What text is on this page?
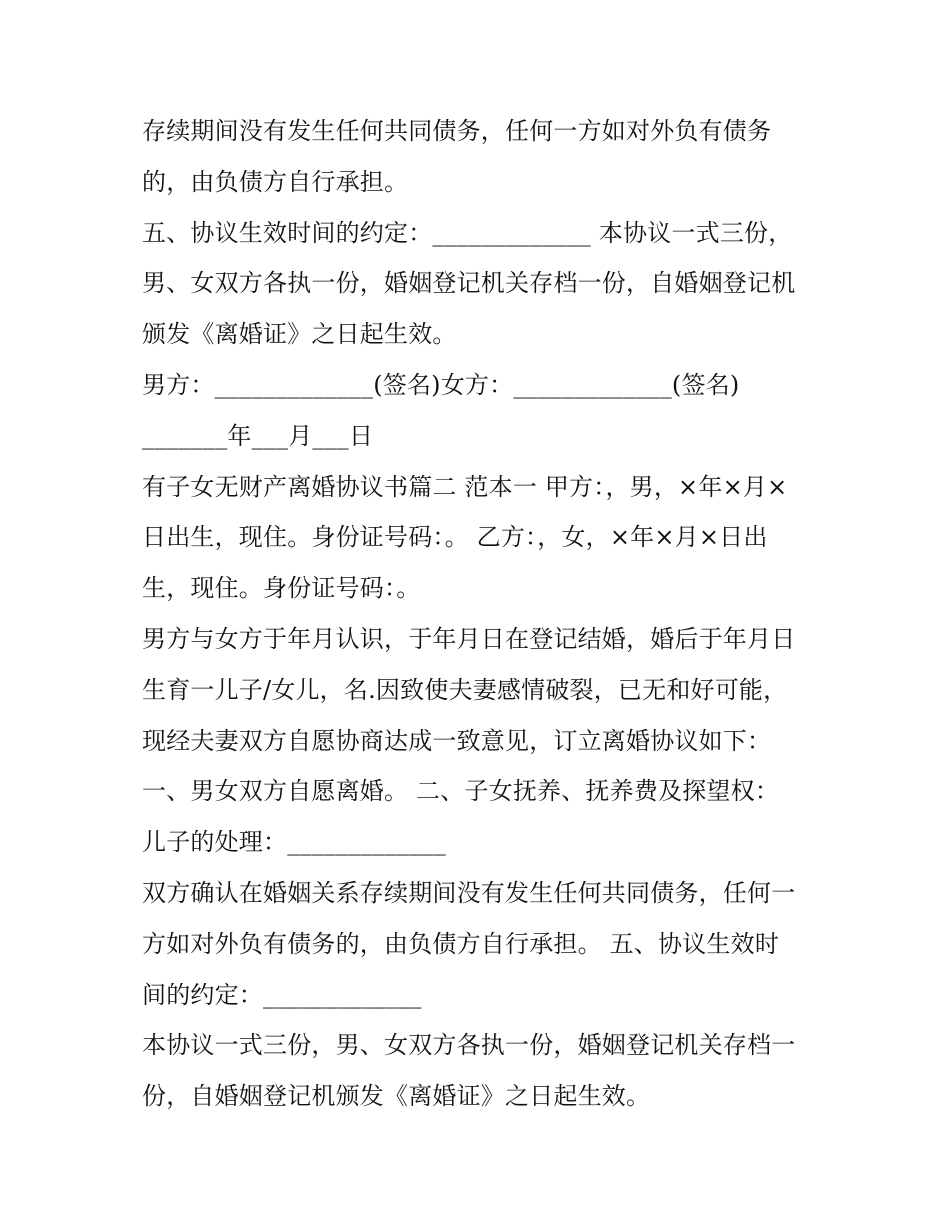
存续期间没有发生任何共同债务，任何一方如对外负有债务
的，由负债方自行承担。
五、协议生效时间的约定：_____________ 本协议一式三份，
男、女双方各执一份，婚姻登记机关存档一份，自婚姻登记机
颁发《离婚证》之日起生效。
男方：_____________(签名)女方：_____________(签名)
_______年___月___日
有子女无财产离婚协议书篇二 范本一 甲方：，男，×年×月×
日出生，现住。身份证号码：。 乙方：，女，×年×月×日出
生，现住。身份证号码：。
男方与女方于年月认识，于年月日在登记结婚，婚后于年月日
生育一儿子/女儿，名.因致使夫妻感情破裂，已无和好可能，
现经夫妻双方自愿协商达成一致意见，订立离婚协议如下：
一、男女双方自愿离婚。 二、子女抚养、抚养费及探望权：
儿子的处理：_____________
双方确认在婚姻关系存续期间没有发生任何共同债务，任何一
方如对外负有债务的，由负债方自行承担。 五、协议生效时
间的约定：_____________
本协议一式三份，男、女双方各执一份，婚姻登记机关存档一
份，自婚姻登记机颁发《离婚证》之日起生效。
